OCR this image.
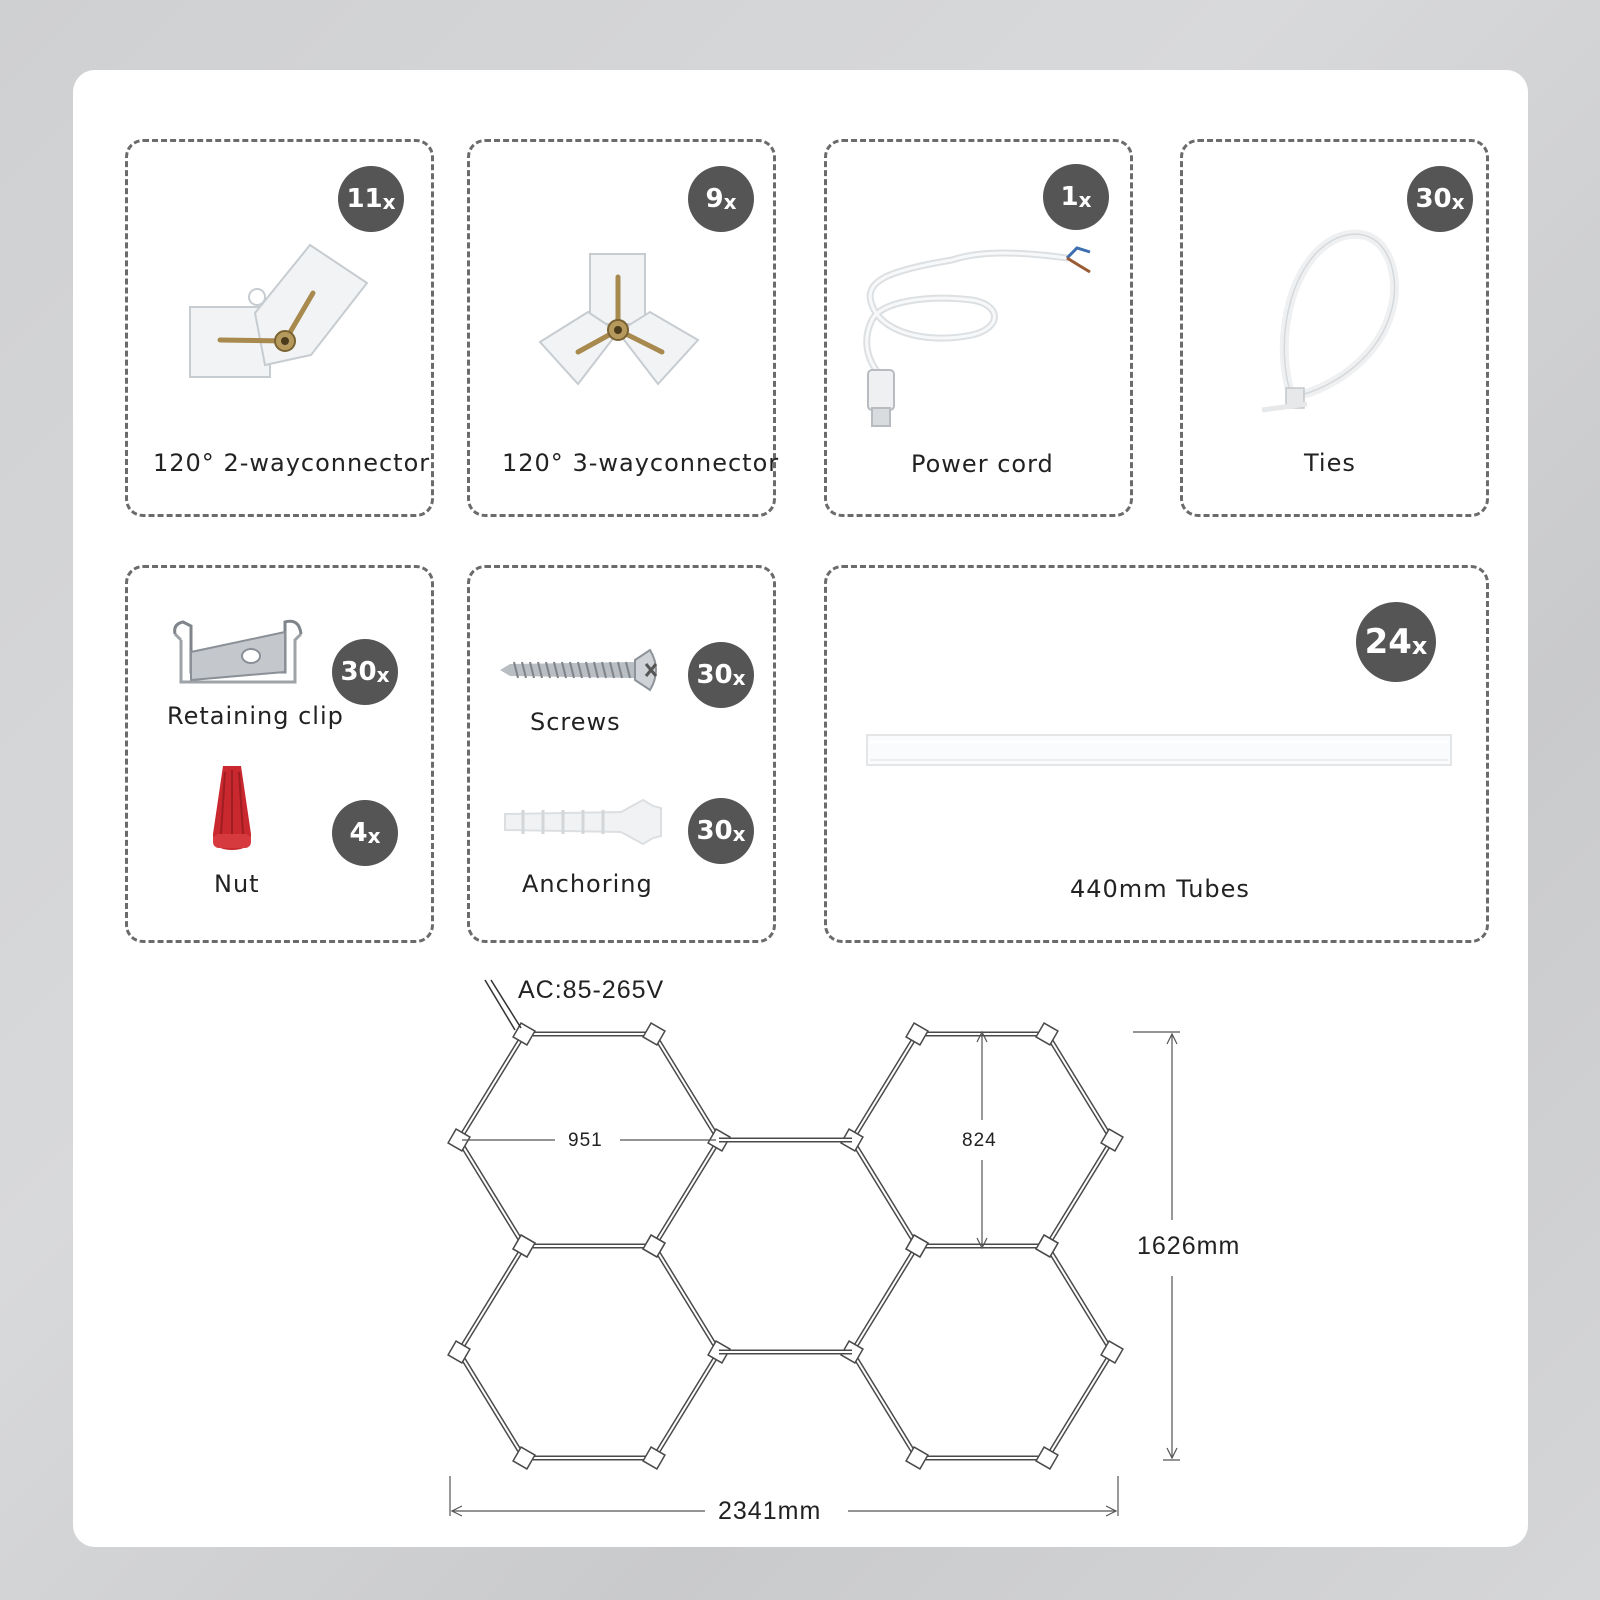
11 x	9 x	1 x	30 x
30 x
4 x
30 x
30 x
24 x
120° 2-wayconnector	120° 3-wayconnector	Power cord	Ties
Retaining clip
Nut
Screws
Anchoring	440mm Tubes
AC:85-265V
951	824
1626mm
2341mm
